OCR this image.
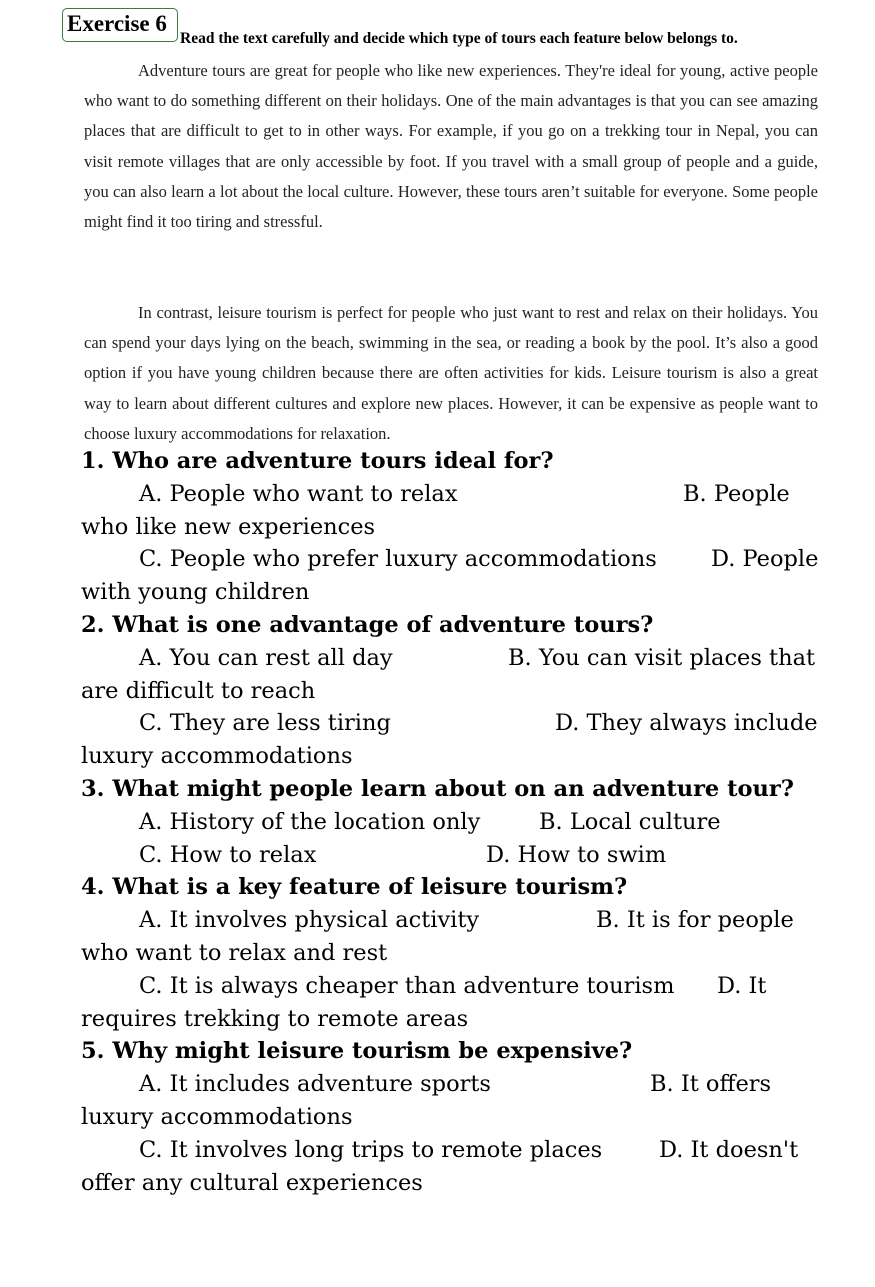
Exercise 6
Read the text carefully and decide which type of tours each feature below belongs to.

Adventure tours are great for people who like new experiences. They're ideal for young, active people who want to do something different on their holidays. One of the main advantages is that you can see amazing places that are difficult to get to in other ways. For example, if you go on a trekking tour in Nepal, you can visit remote villages that are only accessible by foot. If you travel with a small group of people and a guide, you can also learn a lot about the local culture. However, these tours aren’t suitable for everyone. Some people might find it too tiring and stressful.

In contrast, leisure tourism is perfect for people who just want to rest and relax on their holidays. You can spend your days lying on the beach, swimming in the sea, or reading a book by the pool. It’s also a good option if you have young children because there are often activities for kids. Leisure tourism is also a great way to learn about different cultures and explore new places. However, it can be expensive as people want to choose luxury accommodations for relaxation.

1. Who are adventure tours ideal for?
A. People who want to relax	B. People
who like new experiences
C. People who prefer luxury accommodations	D. People
with young children
2. What is one advantage of adventure tours?
A. You can rest all day	B. You can visit places that
are difficult to reach
C. They are less tiring	D. They always include
luxury accommodations
3. What might people learn about on an adventure tour?
A. History of the location only	B. Local culture
C. How to relax	D. How to swim
4. What is a key feature of leisure tourism?
A. It involves physical activity	B. It is for people
who want to relax and rest
C. It is always cheaper than adventure tourism	D. It
requires trekking to remote areas
5. Why might leisure tourism be expensive?
A. It includes adventure sports	B. It offers
luxury accommodations
C. It involves long trips to remote places	D. It doesn't
offer any cultural experiences
